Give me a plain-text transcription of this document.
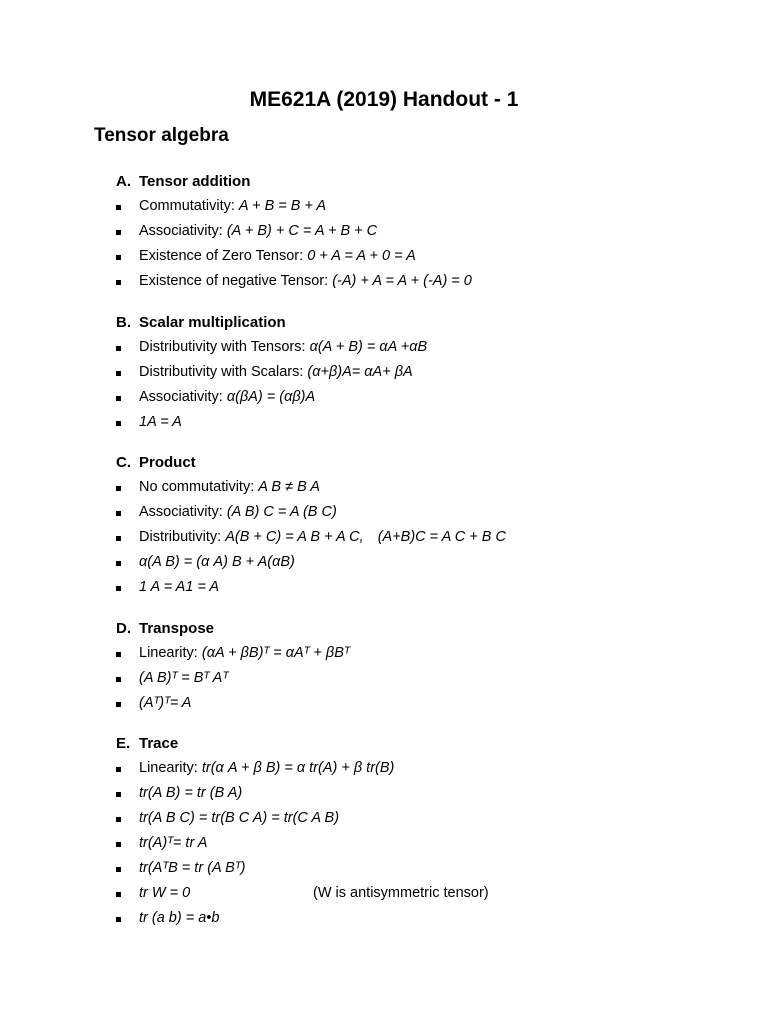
ME621A (2019) Handout - 1
Tensor algebra
A. Tensor addition
Commutativity: A + B = B + A
Associativity: (A + B) + C = A + B + C
Existence of Zero Tensor: 0 + A = A + 0 = A
Existence of negative Tensor: (-A) + A = A + (-A) = 0
B. Scalar multiplication
Distributivity with Tensors: α(A + B) = αA +αB
Distributivity with Scalars: (α+β)A= αA+ βA
Associativity: α(βA) = (αβ)A
1A = A
C. Product
No commutativity: A B ≠ B A
Associativity: (A B) C = A (B C)
Distributivity: A(B + C) = A B + A C, (A+B)C = A C + B C
α(A B) = (α A) B + A(αB)
1 A = A1 = A
D. Transpose
Linearity: (αA + βB)ᵀ = αAᵀ + βBᵀ
(A B)ᵀ = Bᵀ Aᵀ
(Aᵀ)ᵀ= A
E. Trace
Linearity: tr(α A + β B) = α tr(A) + β tr(B)
tr(A B) = tr (B A)
tr(A B C) = tr(B C A) = tr(C A B)
tr(A)ᵀ= tr A
tr(AᵀB = tr (A Bᵀ)
tr W = 0	(W is antisymmetric tensor)
tr (a b) = a•b
